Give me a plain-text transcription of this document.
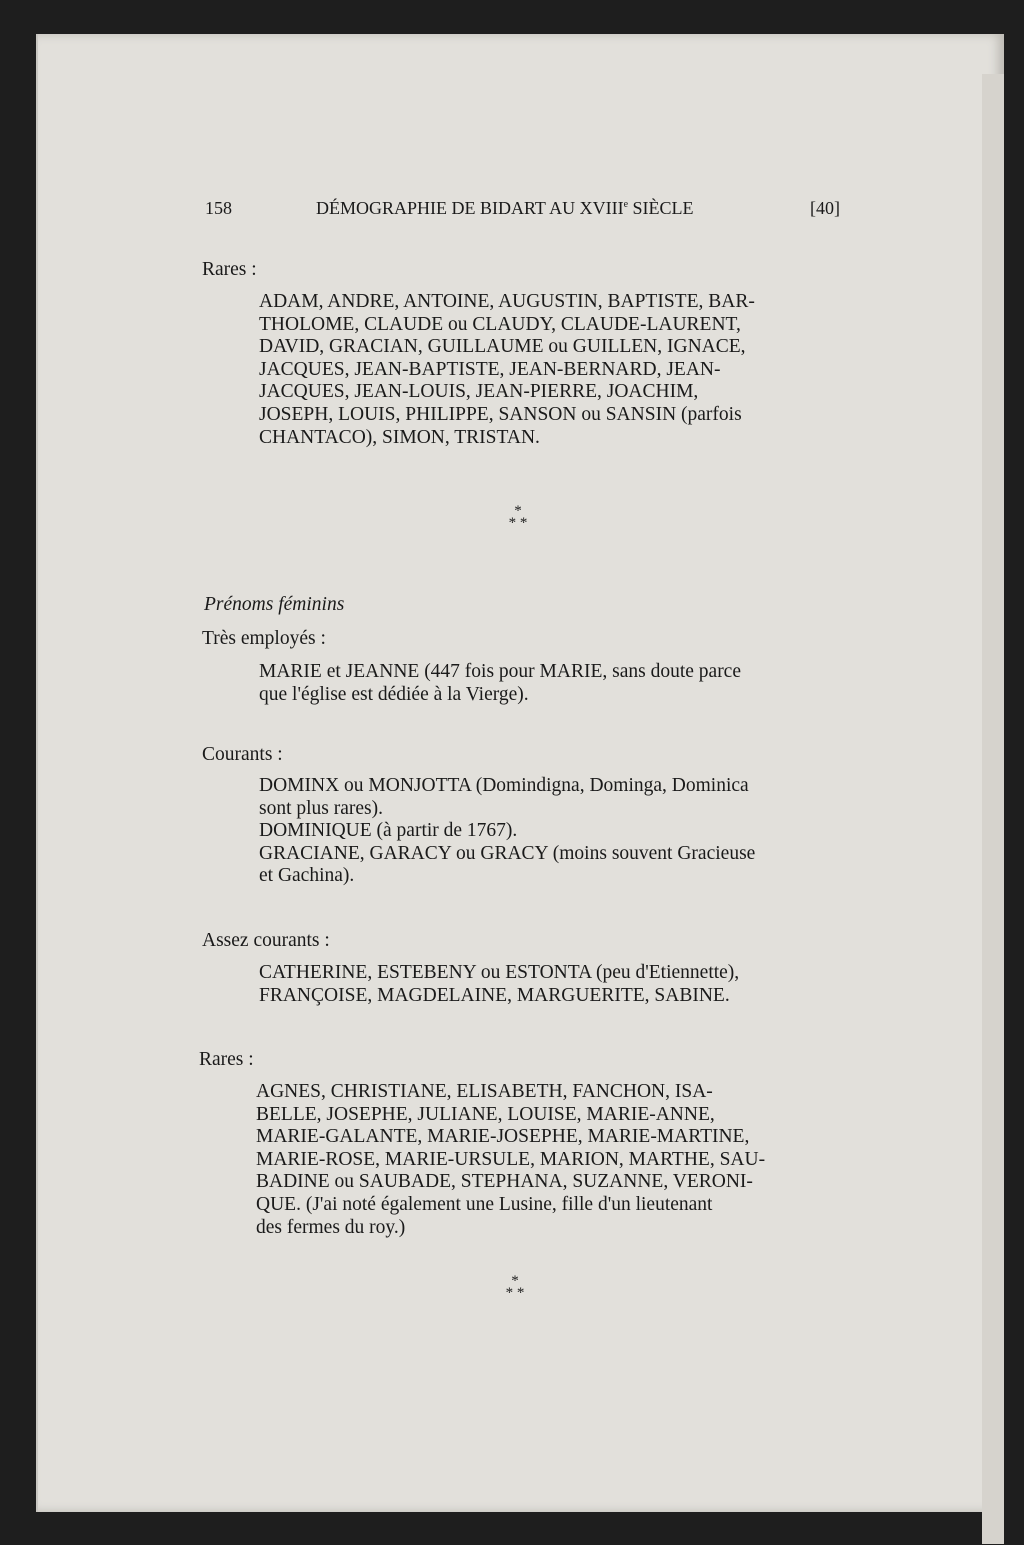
158	DÉMOGRAPHIE DE BIDART AU XVIIIe SIÈCLE	[40]
Rares :
ADAM, ANDRE, ANTOINE, AUGUSTIN, BAPTISTE, BAR-
THOLOME, CLAUDE ou CLAUDY, CLAUDE-LAURENT,
DAVID, GRACIAN, GUILLAUME ou GUILLEN, IGNACE,
JACQUES, JEAN-BAPTISTE, JEAN-BERNARD, JEAN-
JACQUES, JEAN-LOUIS, JEAN-PIERRE, JOACHIM,
JOSEPH, LOUIS, PHILIPPE, SANSON ou SANSIN (parfois
CHANTACO), SIMON, TRISTAN.
*
* *
Prénoms féminins
Très employés :
MARIE et JEANNE (447 fois pour MARIE, sans doute parce
que l'église est dédiée à la Vierge).
Courants :
DOMINX ou MONJOTTA (Domindigna, Dominga, Dominica
sont plus rares).
DOMINIQUE (à partir de 1767).
GRACIANE, GARACY ou GRACY (moins souvent Gracieuse
et Gachina).
Assez courants :
CATHERINE, ESTEBENY ou ESTONTA (peu d'Etiennette),
FRANÇOISE, MAGDELAINE, MARGUERITE, SABINE.
Rares :
AGNES, CHRISTIANE, ELISABETH, FANCHON, ISA-
BELLE, JOSEPHE, JULIANE, LOUISE, MARIE-ANNE,
MARIE-GALANTE, MARIE-JOSEPHE, MARIE-MARTINE,
MARIE-ROSE, MARIE-URSULE, MARION, MARTHE, SAU-
BADINE ou SAUBADE, STEPHANA, SUZANNE, VERONI-
QUE. (J'ai noté également une Lusine, fille d'un lieutenant
des fermes du roy.)
*
* *
